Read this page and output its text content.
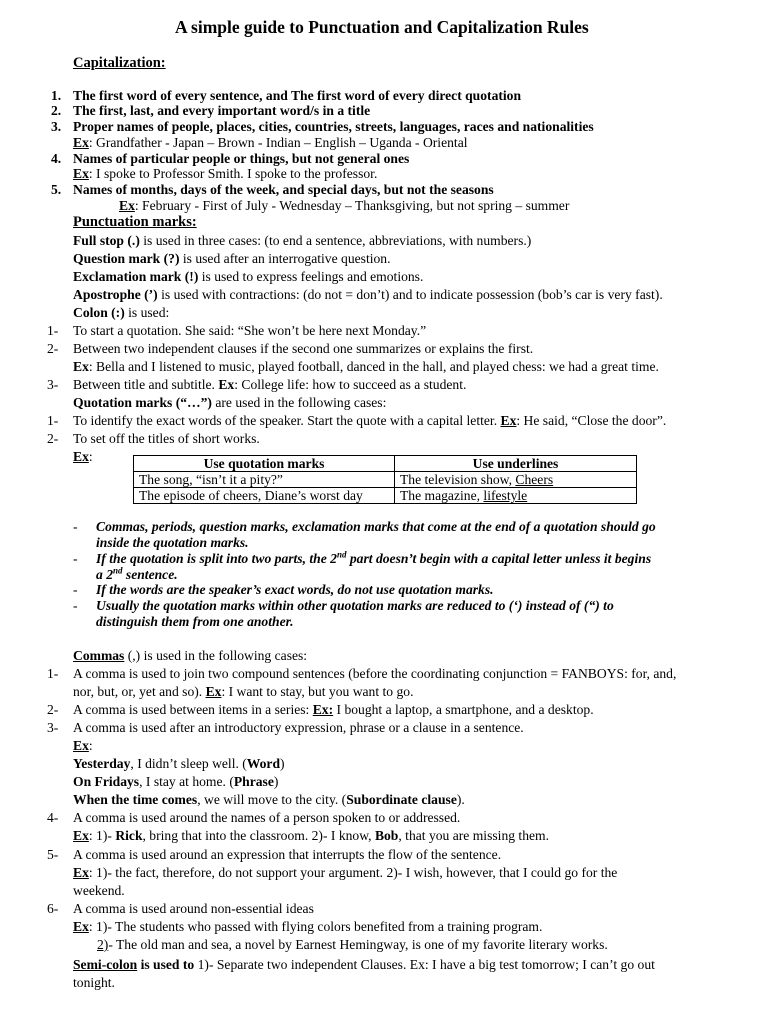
A simple guide to Punctuation and Capitalization Rules
Capitalization:
1. The first word of every sentence, and The first word of every direct quotation
2. The first, last, and every important word/s in a title
3. Proper names of people, places, cities, countries, streets, languages, races and nationalities
Ex: Grandfather - Japan – Brown - Indian – English – Uganda - Oriental
4. Names of particular people or things, but not general ones
Ex: I spoke to Professor Smith. I spoke to the professor.
5. Names of months, days of the week, and special days, but not the seasons
Ex: February - First of July - Wednesday – Thanksgiving, but not spring – summer
Punctuation marks:
Full stop (.) is used in three cases: (to end a sentence, abbreviations, with numbers.)
Question mark (?) is used after an interrogative question.
Exclamation mark (!) is used to express feelings and emotions.
Apostrophe (’) is used with contractions: (do not = don’t) and to indicate possession (bob’s car is very fast).
Colon (:) is used:
1- To start a quotation. She said: “She won’t be here next Monday.”
2- Between two independent clauses if the second one summarizes or explains the first.
Ex: Bella and I listened to music, played football, danced in the hall, and played chess: we had a great time.
3- Between title and subtitle. Ex: College life: how to succeed as a student.
Quotation marks (“…”) are used in the following cases:
1- To identify the exact words of the speaker. Start the quote with a capital letter. Ex: He said, “Close the door”.
2- To set off the titles of short works.
Ex:	Use quotation marks	Use underlines
The song, “isn’t it a pity?”	The television show, Cheers
The episode of cheers, Diane’s worst day	The magazine, lifestyle
- Commas, periods, question marks, exclamation marks that come at the end of a quotation should go
inside the quotation marks.
- If the quotation is split into two parts, the 2nd part doesn’t begin with a capital letter unless it begins
a 2nd sentence.
- If the words are the speaker’s exact words, do not use quotation marks.
- Usually the quotation marks within other quotation marks are reduced to (‘) instead of (“) to
distinguish them from one another.
Commas (,) is used in the following cases:
1- A comma is used to join two compound sentences (before the coordinating conjunction = FANBOYS: for, and,
nor, but, or, yet and so). Ex: I want to stay, but you want to go.
2- A comma is used between items in a series: Ex: I bought a laptop, a smartphone, and a desktop.
3- A comma is used after an introductory expression, phrase or a clause in a sentence.
Ex:
Yesterday, I didn’t sleep well. (Word)
On Fridays, I stay at home. (Phrase)
When the time comes, we will move to the city. (Subordinate clause).
4- A comma is used around the names of a person spoken to or addressed.
Ex: 1)- Rick, bring that into the classroom. 2)- I know, Bob, that you are missing them.
5- A comma is used around an expression that interrupts the flow of the sentence.
Ex: 1)- the fact, therefore, do not support your argument. 2)- I wish, however, that I could go for the
weekend.
6- A comma is used around non-essential ideas
Ex: 1)- The students who passed with flying colors benefited from a training program.
2)- The old man and sea, a novel by Earnest Hemingway, is one of my favorite literary works.
Semi-colon is used to 1)- Separate two independent Clauses. Ex: I have a big test tomorrow; I can’t go out
tonight.
